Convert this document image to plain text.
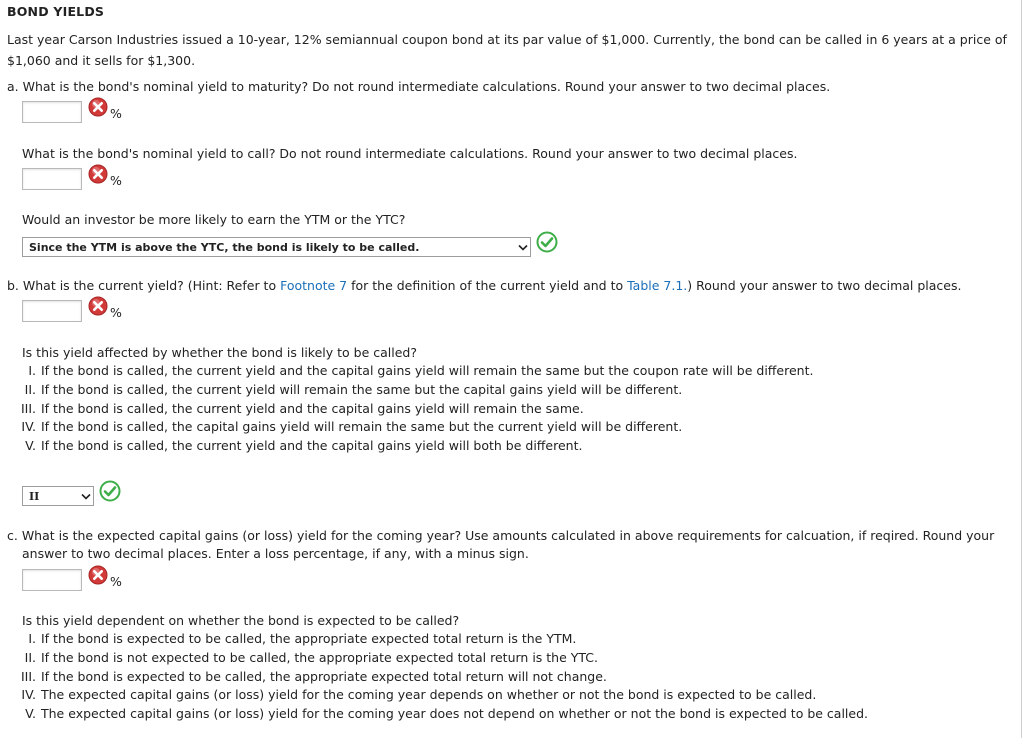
BOND YIELDS
Last year Carson Industries issued a 10-year, 12% semiannual coupon bond at its par value of $1,000. Currently, the bond can be called in 6 years at a price of
$1,060 and it sells for $1,300.
a. What is the bond's nominal yield to maturity? Do not round intermediate calculations. Round your answer to two decimal places.
%
What is the bond's nominal yield to call? Do not round intermediate calculations. Round your answer to two decimal places.
%
Would an investor be more likely to earn the YTM or the YTC?
Since the YTM is above the YTC, the bond is likely to be called.
b. What is the current yield? (Hint: Refer to Footnote 7 for the definition of the current yield and to Table 7.1.) Round your answer to two decimal places.
%
Is this yield affected by whether the bond is likely to be called?
I. If the bond is called, the current yield and the capital gains yield will remain the same but the coupon rate will be different.
II. If the bond is called, the current yield will remain the same but the capital gains yield will be different.
III. If the bond is called, the current yield and the capital gains yield will remain the same.
IV. If the bond is called, the capital gains yield will remain the same but the current yield will be different.
V. If the bond is called, the current yield and the capital gains yield will both be different.
II
c. What is the expected capital gains (or loss) yield for the coming year? Use amounts calculated in above requirements for calcuation, if reqired. Round your
answer to two decimal places. Enter a loss percentage, if any, with a minus sign.
%
Is this yield dependent on whether the bond is expected to be called?
I. If the bond is expected to be called, the appropriate expected total return is the YTM.
II. If the bond is not expected to be called, the appropriate expected total return is the YTC.
III. If the bond is expected to be called, the appropriate expected total return will not change.
IV. The expected capital gains (or loss) yield for the coming year depends on whether or not the bond is expected to be called.
V. The expected capital gains (or loss) yield for the coming year does not depend on whether or not the bond is expected to be called.
